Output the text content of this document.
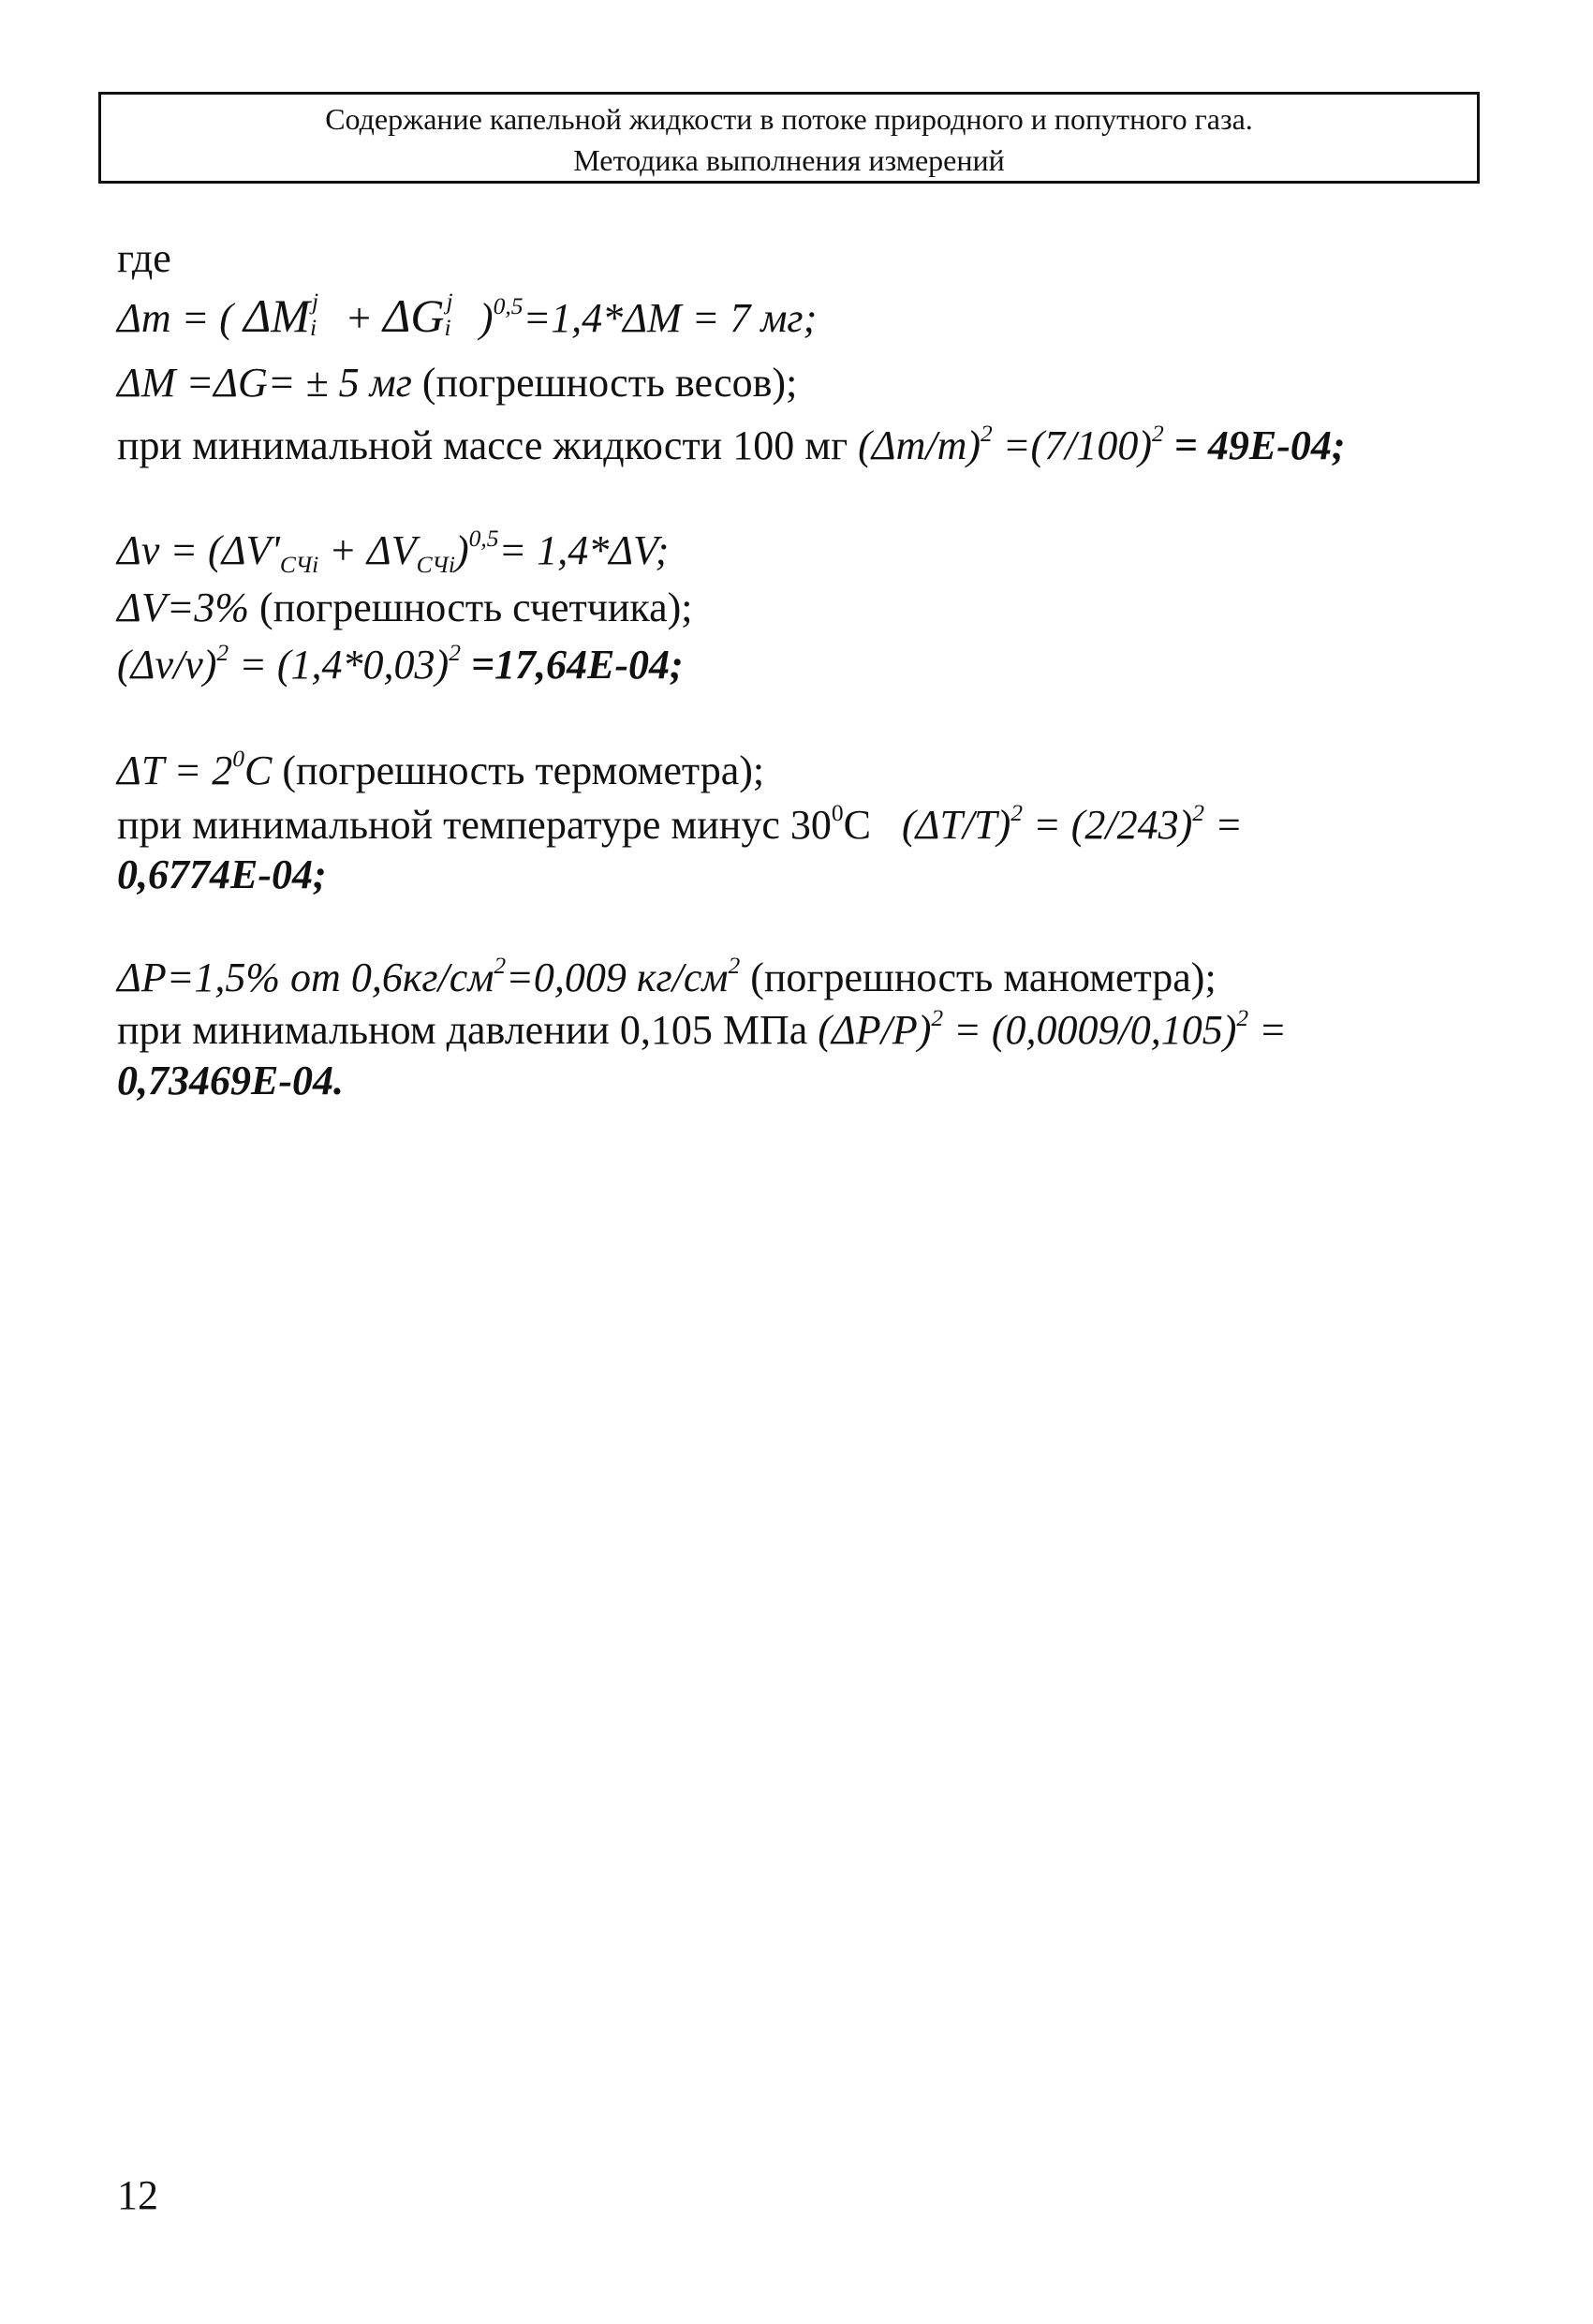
Содержание капельной жидкости в потоке природного и попутного газа.
Методика выполнения измерений
где
Δm = ( ΔM j
i + ΔG j
i )$^{0,5}$=1,4*ΔM = 7 мг;
ΔM =ΔG= ± 5 мг (погрешность весов);
при минимальной массе жидкости 100 мг $(\Delta m/m)^2 =(7/100)^2 = 49E-04$;
$\Delta v = (\Delta V'_{СЧi} + \Delta V_{СЧi})^{0,5}= 1,4*\Delta V$;
ΔV=3% (погрешность счетчика);
$(\Delta v/v)^2 = (1,4*0,03)^2 =17,64E-04$;
$\Delta T = 2^0C$ (погрешность термометра);
при минимальной температуре минус $30^0С$   $(\Delta T/T)^2 = (2/243)^2$ =
0,6774E-04;
ΔP=1,5% от $0,6кг/см^2=0,009$ $кг/см^2$ (погрешность манометра);
при минимальном давлении 0,105 МПа $(\Delta P/P)^2 = (0,0009/0,105)^2$ =
0,73469E-04.
12
